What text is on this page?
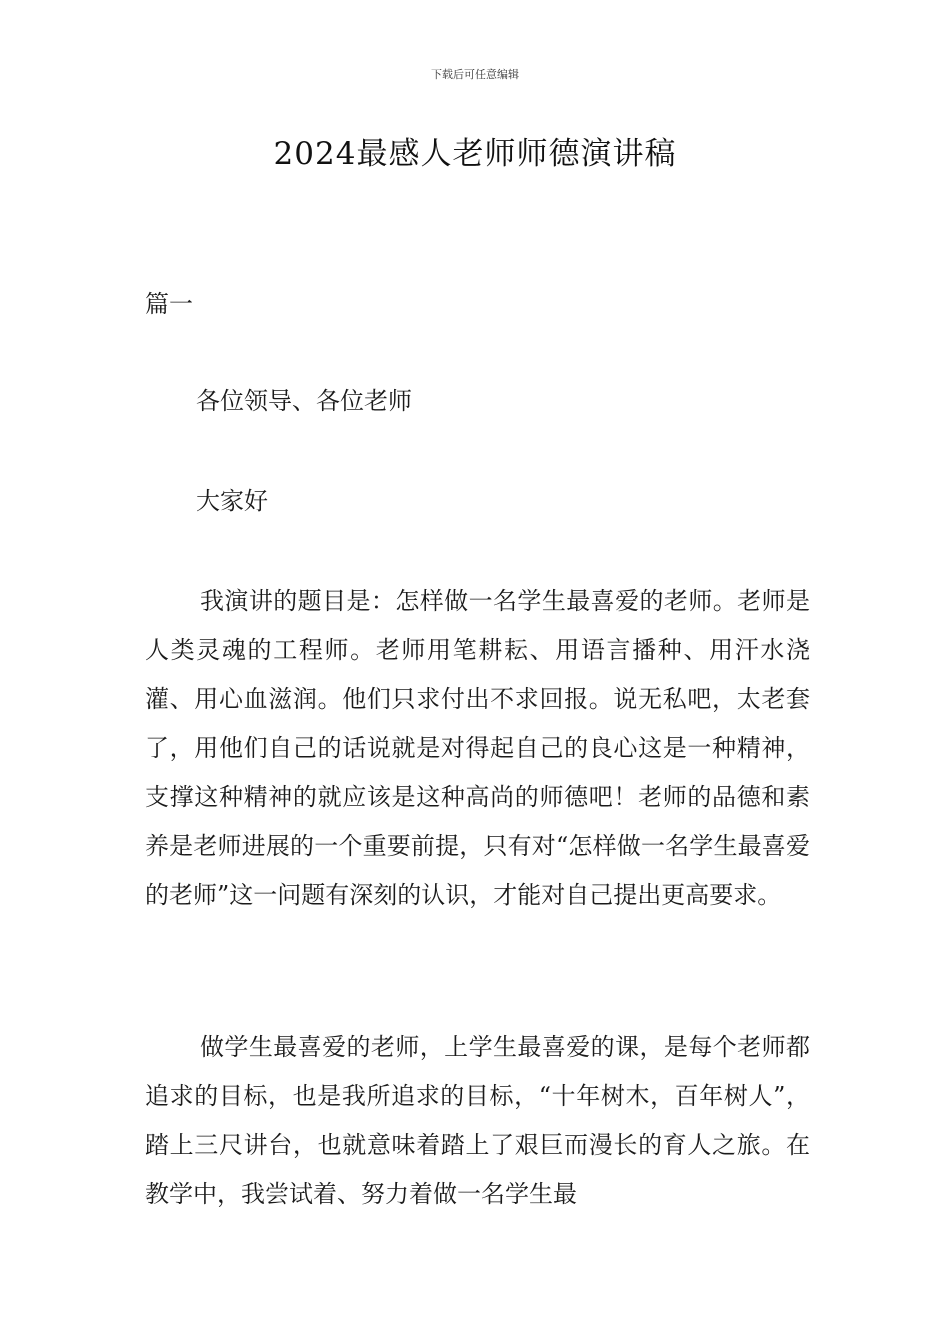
下载后可任意编辑
2024最感人老师师德演讲稿
篇一
各位领导、各位老师
大家好

我演讲的题目是：怎样做一名学生最喜爱的老师。老师是人类灵魂的工程师。老师用笔耕耘、用语言播种、用汗水浇灌、用心血滋润。他们只求付出不求回报。说无私吧，太老套了，用他们自己的话说就是对得起自己的良心这是一种精神，支撑这种精神的就应该是这种高尚的师德吧！老师的品德和素养是老师进展的一个重要前提，只有对“怎样做一名学生最喜爱的老师”这一问题有深刻的认识，才能对自己提出更高要求。

做学生最喜爱的老师，上学生最喜爱的课，是每个老师都追求的目标，也是我所追求的目标，“十年树木，百年树人”，踏上三尺讲台，也就意味着踏上了艰巨而漫长的育人之旅。在教学中，我尝试着、努力着做一名学生最
